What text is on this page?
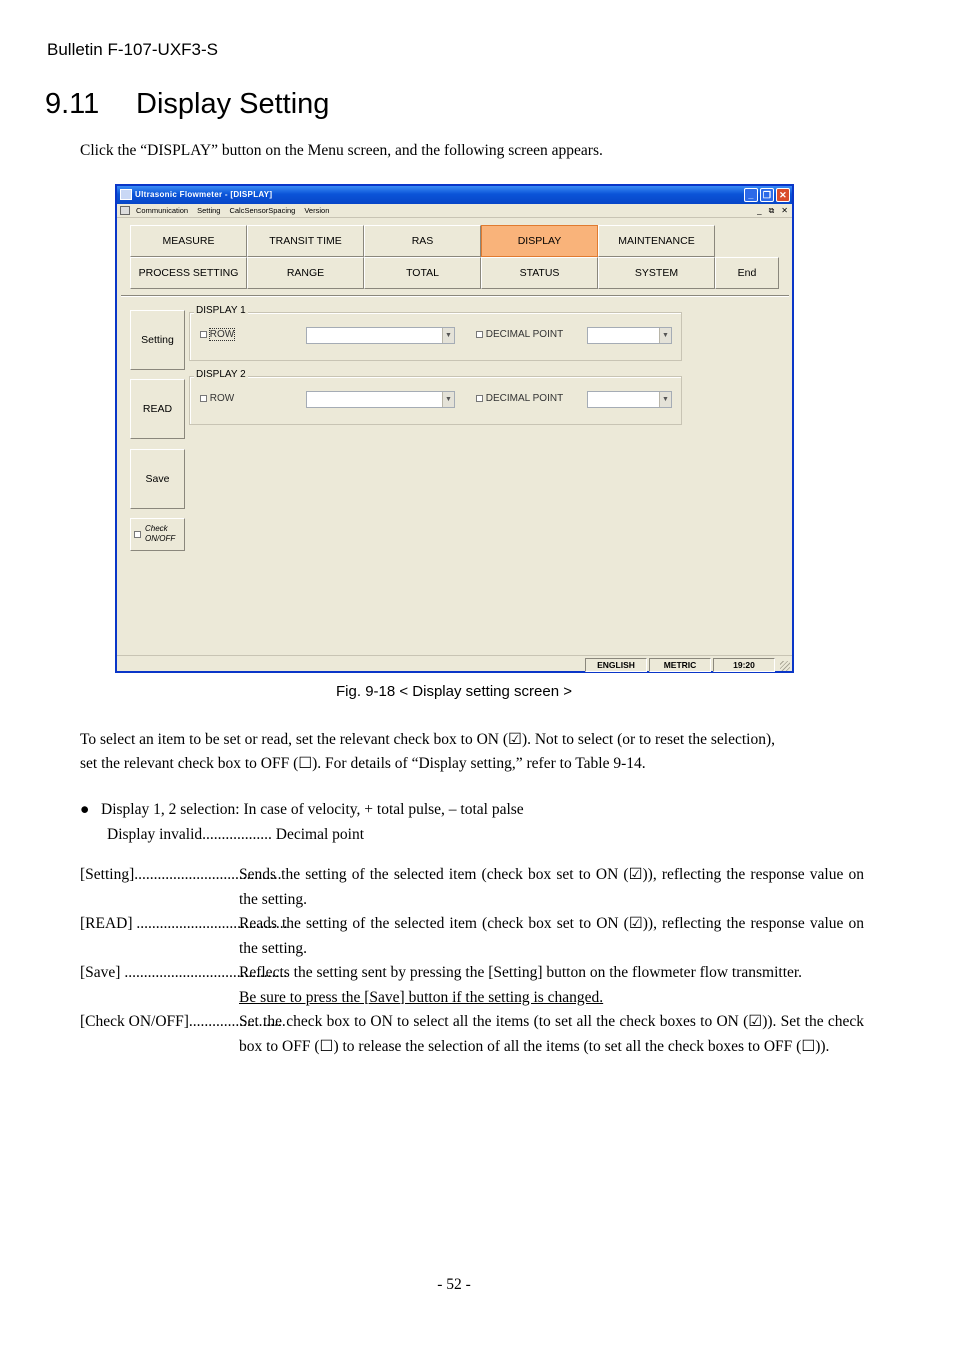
Bulletin F-107-UXF3-S
9.11 Display Setting
Click the “DISPLAY” button on the Menu screen, and the following screen appears.
Ultrasonic Flowmeter - [DISPLAY]	_	❐ ✕
Communication Setting CalcSensorSpacing Version	_ ⧉ ✕
MEASURE	TRANSIT TIME	RAS	DISPLAY	MAINTENANCE
PROCESS SETTING	RANGE	TOTAL	STATUS	SYSTEM	End
Setting
READ
Save
Check
ON/OFF
DISPLAY 1
ROW	▼	DECIMAL POINT	▼
DISPLAY 2
ROW	▼	DECIMAL POINT	▼
ENGLISH	METRIC	19:20
Fig. 9-18 < Display setting screen >
To select an item to be set or read, set the relevant check box to ON (☑). Not to select (or to reset the selection),
set the relevant check box to OFF (☐). For details of “Display setting,” refer to Table 9-14.
● Display 1, 2 selection: In case of velocity, + total pulse, – total palse
Display invalid.................. Decimal point
[Setting]......................................
Sends the setting of the selected item (check box set to ON (☑)), reflecting the response value on the setting.
[READ] .......................................
Reads the setting of the selected item (check box set to ON (☑)), reflecting the response value on the setting.
[Save] ..........................................
Reflects the setting sent by pressing the [Setting] button on the flowmeter flow transmitter.
Be sure to press the [Save] button if the setting is changed.
[Check ON/OFF].........................
Set the check box to ON to select all the items (to set all the check boxes to ON (☑)). Set the check box to OFF (☐) to release the selection of all the items (to set all the check boxes to OFF (☐)).
- 52 -
